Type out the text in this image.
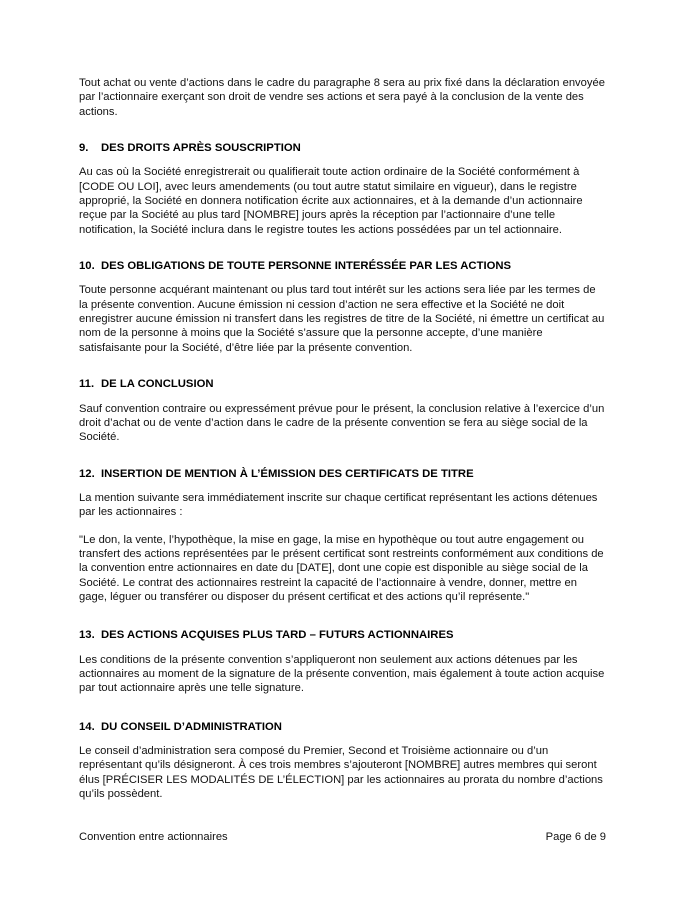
Tout achat ou vente d’actions dans le cadre du paragraphe 8 sera au prix fixé dans la déclaration envoyée par l’actionnaire exerçant son droit de vendre ses actions et sera payé à la conclusion de la vente des actions.

9.	DES DROITS APRÈS SOUSCRIPTION

Au cas où la Société enregistrerait ou qualifierait toute action ordinaire de la Société conformément à [CODE OU LOI], avec leurs amendements (ou tout autre statut similaire en vigueur), dans le registre approprié, la Société en donnera notification écrite aux actionnaires, et à la demande d’un actionnaire reçue par la Société au plus tard [NOMBRE] jours après la réception par l’actionnaire d’une telle notification, la Société inclura dans le registre toutes les actions possédées par un tel actionnaire.

10. DES OBLIGATIONS DE TOUTE PERSONNE INTERÉSSÉE PAR LES ACTIONS

Toute personne acquérant maintenant ou plus tard tout intérêt sur les actions sera liée par les termes de la présente convention. Aucune émission ni cession d’action ne sera effective et la Société ne doit enregistrer aucune émission ni transfert dans les registres de titre de la Société, ni émettre un certificat au nom de la personne à moins que la Société s’assure que la personne accepte, d’une manière satisfaisante pour la Société, d’être liée par la présente convention.

11. DE LA CONCLUSION

Sauf convention contraire ou expressément prévue pour le présent, la conclusion relative à l’exercice d’un droit d’achat ou de vente d’action dans le cadre de la présente convention se fera au siège social de la Société.

12. INSERTION DE MENTION À L’ÉMISSION DES CERTIFICATS DE TITRE

La mention suivante sera immédiatement inscrite sur chaque certificat représentant les actions détenues par les actionnaires :

"Le don, la vente, l’hypothèque, la mise en gage, la mise en hypothèque ou tout autre engagement ou transfert des actions représentées par le présent certificat sont restreints conformément aux conditions de la convention entre actionnaires en date du [DATE], dont une copie est disponible au siège social de la Société. Le contrat des actionnaires restreint la capacité de l’actionnaire à vendre, donner, mettre en gage, léguer ou transférer ou disposer du présent certificat et des actions qu’il représente."

13. DES ACTIONS ACQUISES PLUS TARD – FUTURS ACTIONNAIRES

Les conditions de la présente convention s’appliqueront non seulement aux actions détenues par les actionnaires au moment de la signature de la présente convention, mais également à toute action acquise par tout actionnaire après une telle signature.

14. DU CONSEIL D’ADMINISTRATION

Le conseil d’administration sera composé du Premier, Second et Troisième actionnaire ou d’un représentant qu’ils désigneront. À ces trois membres s’ajouteront [NOMBRE] autres membres qui seront élus [PRÉCISER LES MODALITÉS DE L’ÉLECTION] par les actionnaires au prorata du nombre d’actions qu’ils possèdent.

Convention entre actionnaires	Page 6 de 9
